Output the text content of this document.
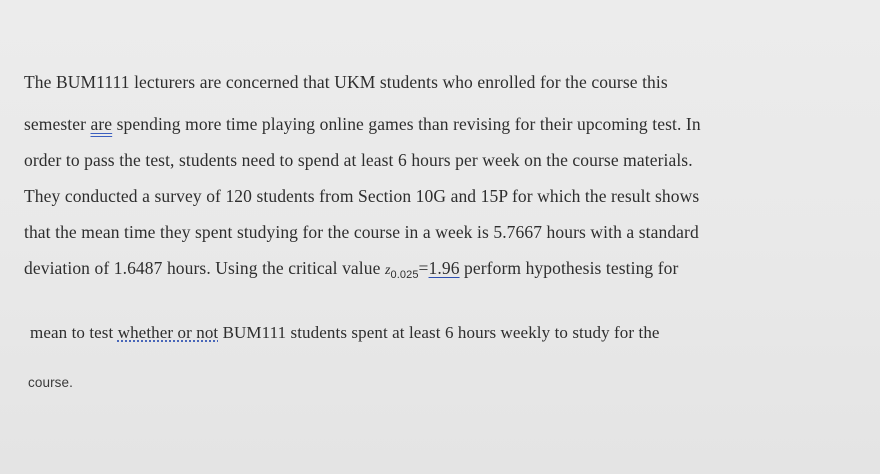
The BUM1111 lecturers are concerned that UKM students who enrolled for the course this
semester are spending more time playing online games than revising for their upcoming test. In
order to pass the test, students need to spend at least 6 hours per week on the course materials.
They conducted a survey of 120 students from Section 10G and 15P for which the result shows
that the mean time they spent studying for the course in a week is 5.7667 hours with a standard
deviation of 1.6487 hours. Using the critical value $z_{0.025}=1.96$ perform hypothesis testing for
mean to test whether or not BUM111 students spent at least 6 hours weekly to study for the
course.
